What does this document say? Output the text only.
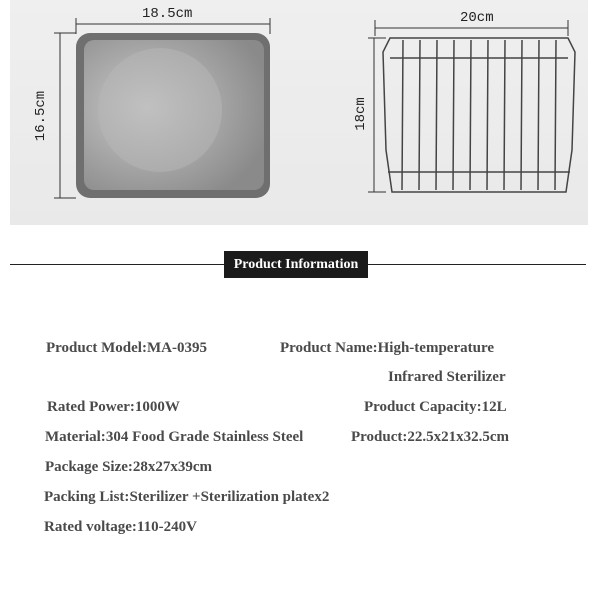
18.5cm
16.5cm
20cm
18cm
Product Information
Product Model:MA-0395	Product Name:High-temperature
Infrared Sterilizer
Rated Power:1000W	Product Capacity:12L
Material:304 Food Grade Stainless Steel	Product:22.5x21x32.5cm
Package Size:28x27x39cm
Packing List:Sterilizer +Sterilization platex2
Rated voltage:110-240V
